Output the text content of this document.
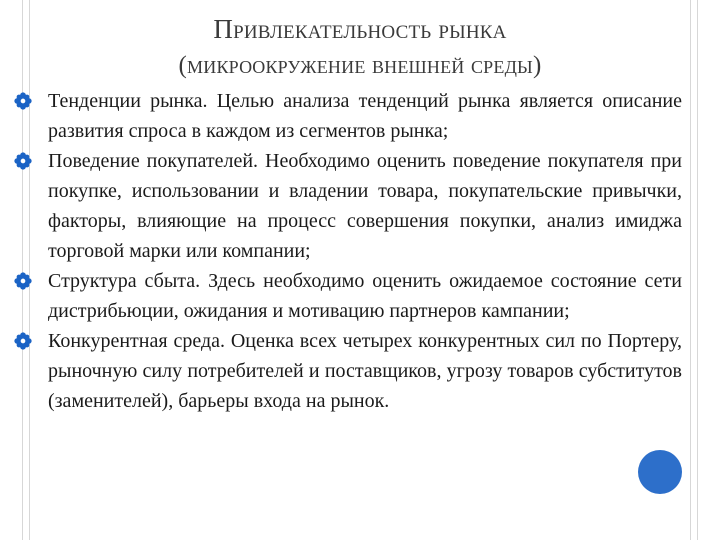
Привлекательность рынка
(микроокружение внешней среды)
Тенденции рынка. Целью анализа тенденций рынка является описание развития спроса в каждом из сегментов рынка;
Поведение покупателей. Необходимо оценить поведение покупателя при покупке, использовании и владении товара, покупательские привычки, факторы, влияющие на процесс совершения покупки, анализ имиджа торговой марки или компании;
Структура сбыта. Здесь необходимо оценить ожидаемое состояние сети дистрибьюции, ожидания и мотивацию партнеров кампании;
Конкурентная среда. Оценка всех четырех конкурентных сил по Портеру, рыночную силу потребителей и поставщиков, угрозу товаров субститутов (заменителей), барьеры входа на рынок.
